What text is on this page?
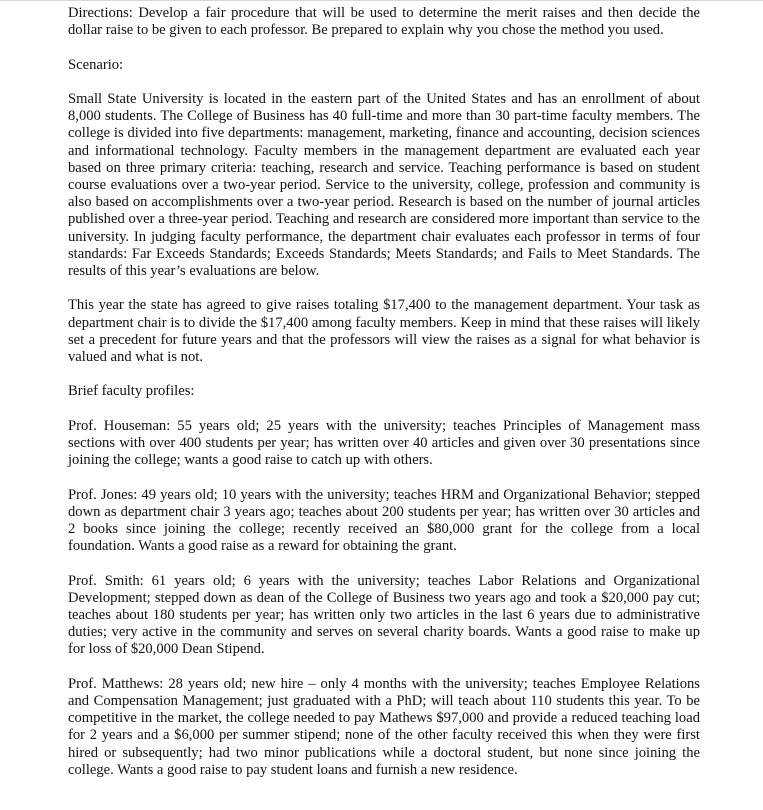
Directions: Develop a fair procedure that will be used to determine the merit raises and then decide the dollar raise to be given to each professor. Be prepared to explain why you chose the method you used.

Scenario:

Small State University is located in the eastern part of the United States and has an enrollment of about 8,000 students. The College of Business has 40 full-time and more than 30 part-time faculty members. The college is divided into five departments: management, marketing, finance and accounting, decision sciences and informational technology. Faculty members in the management department are evaluated each year based on three primary criteria: teaching, research and service. Teaching performance is based on student course evaluations over a two-year period. Service to the university, college, profession and community is also based on accomplishments over a two-year period. Research is based on the number of journal articles published over a three-year period. Teaching and research are considered more important than service to the university. In judging faculty performance, the department chair evaluates each professor in terms of four standards: Far Exceeds Standards; Exceeds Standards; Meets Standards; and Fails to Meet Standards. The results of this year’s evaluations are below.

This year the state has agreed to give raises totaling $17,400 to the management department. Your task as department chair is to divide the $17,400 among faculty members. Keep in mind that these raises will likely set a precedent for future years and that the professors will view the raises as a signal for what behavior is valued and what is not.

Brief faculty profiles:

Prof. Houseman: 55 years old; 25 years with the university; teaches Principles of Management mass sections with over 400 students per year; has written over 40 articles and given over 30 presentations since joining the college; wants a good raise to catch up with others.

Prof. Jones: 49 years old; 10 years with the university; teaches HRM and Organizational Behavior; stepped down as department chair 3 years ago; teaches about 200 students per year; has written over 30 articles and 2 books since joining the college; recently received an $80,000 grant for the college from a local foundation. Wants a good raise as a reward for obtaining the grant.

Prof. Smith: 61 years old; 6 years with the university; teaches Labor Relations and Organizational Development; stepped down as dean of the College of Business two years ago and took a $20,000 pay cut; teaches about 180 students per year; has written only two articles in the last 6 years due to administrative duties; very active in the community and serves on several charity boards. Wants a good raise to make up for loss of $20,000 Dean Stipend.

Prof. Matthews: 28 years old; new hire – only 4 months with the university; teaches Employee Relations and Compensation Management; just graduated with a PhD; will teach about 110 students this year. To be competitive in the market, the college needed to pay Mathews $97,000 and provide a reduced teaching load for 2 years and a $6,000 per summer stipend; none of the other faculty received this when they were first hired or subsequently; had two minor publications while a doctoral student, but none since joining the college. Wants a good raise to pay student loans and furnish a new residence.
